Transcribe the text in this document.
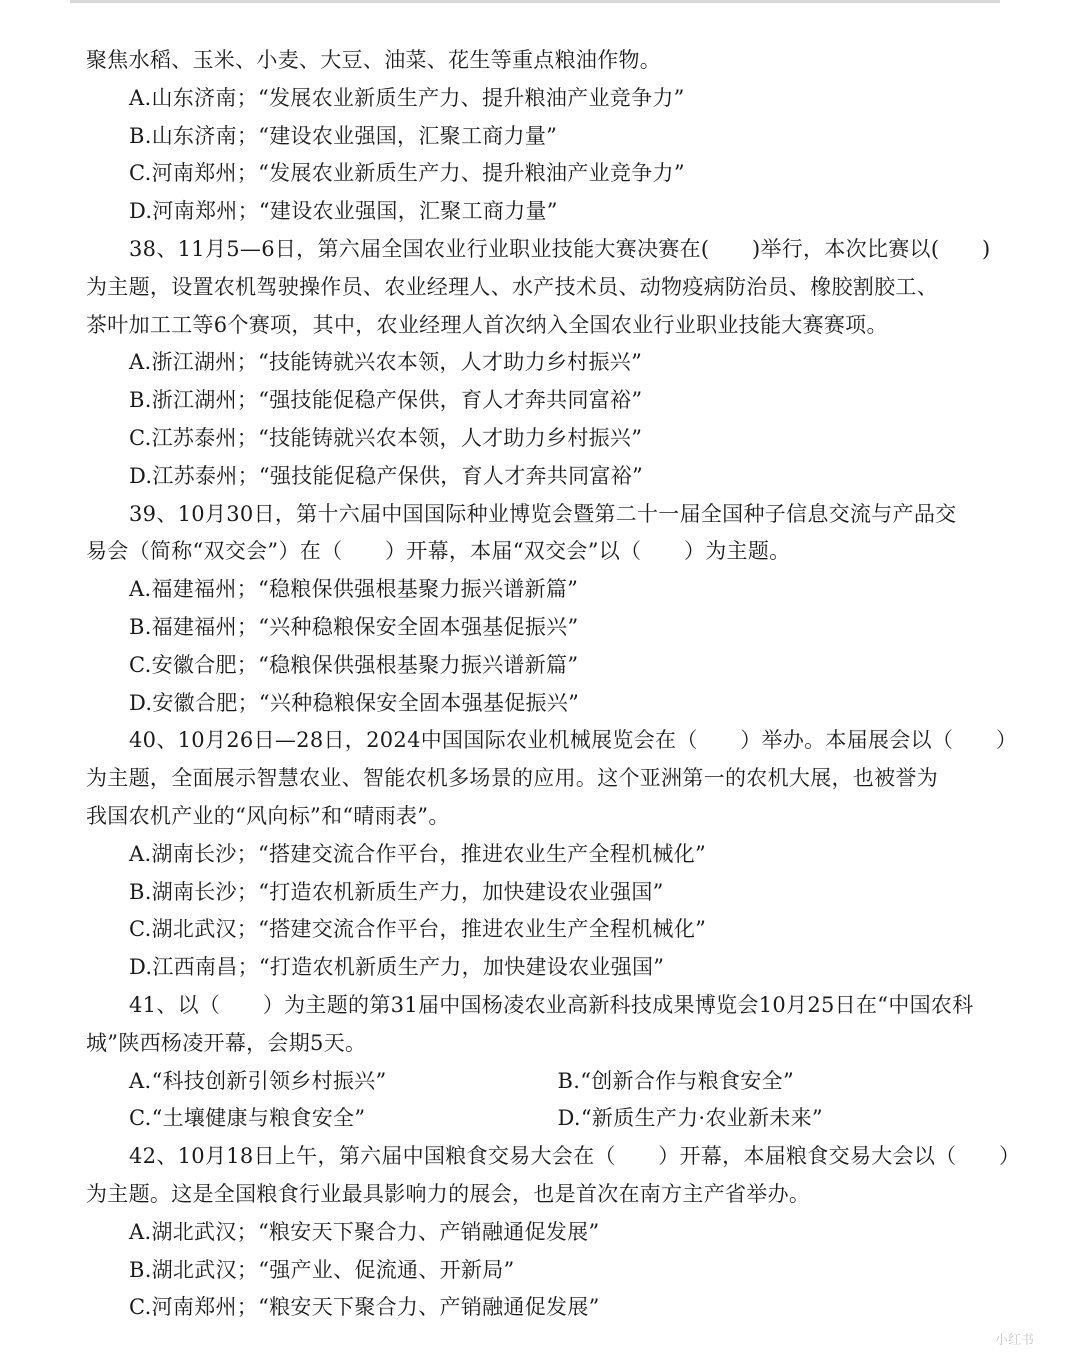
聚焦水稻、玉米、小麦、大豆、油菜、花生等重点粮油作物。
A.山东济南；“发展农业新质生产力、提升粮油产业竞争力”
B.山东济南；“建设农业强国，汇聚工商力量”
C.河南郑州；“发展农业新质生产力、提升粮油产业竞争力”
D.河南郑州；“建设农业强国，汇聚工商力量”
38、11月5—6日，第六届全国农业行业职业技能大赛决赛在(　　)举行，本次比赛以(　　)
为主题，设置农机驾驶操作员、农业经理人、水产技术员、动物疫病防治员、橡胶割胶工、
茶叶加工工等6个赛项，其中，农业经理人首次纳入全国农业行业职业技能大赛赛项。
A.浙江湖州；“技能铸就兴农本领，人才助力乡村振兴”
B.浙江湖州；“强技能促稳产保供，育人才奔共同富裕”
C.江苏泰州；“技能铸就兴农本领，人才助力乡村振兴”
D.江苏泰州；“强技能促稳产保供，育人才奔共同富裕”
39、10月30日，第十六届中国国际种业博览会暨第二十一届全国种子信息交流与产品交
易会（简称“双交会”）在（　　）开幕，本届“双交会”以（　　）为主题。
A.福建福州；“稳粮保供强根基聚力振兴谱新篇”
B.福建福州；“兴种稳粮保安全固本强基促振兴”
C.安徽合肥；“稳粮保供强根基聚力振兴谱新篇”
D.安徽合肥；“兴种稳粮保安全固本强基促振兴”
40、10月26日—28日，2024中国国际农业机械展览会在（　　）举办。本届展会以（　　）
为主题，全面展示智慧农业、智能农机多场景的应用。这个亚洲第一的农机大展，也被誉为
我国农机产业的“风向标”和“晴雨表”。
A.湖南长沙；“搭建交流合作平台，推进农业生产全程机械化”
B.湖南长沙；“打造农机新质生产力，加快建设农业强国”
C.湖北武汉；“搭建交流合作平台，推进农业生产全程机械化”
D.江西南昌；“打造农机新质生产力，加快建设农业强国”
41、以（　　）为主题的第31届中国杨凌农业高新科技成果博览会10月25日在“中国农科
城”陕西杨凌开幕，会期5天。
A.“科技创新引领乡村振兴”	B.“创新合作与粮食安全”
C.“土壤健康与粮食安全”	D.“新质生产力·农业新未来”
42、10月18日上午，第六届中国粮食交易大会在（　　）开幕，本届粮食交易大会以（　　）
为主题。这是全国粮食行业最具影响力的展会，也是首次在南方主产省举办。
A.湖北武汉；“粮安天下聚合力、产销融通促发展”
B.湖北武汉；“强产业、促流通、开新局”
C.河南郑州；“粮安天下聚合力、产销融通促发展”
小红书
